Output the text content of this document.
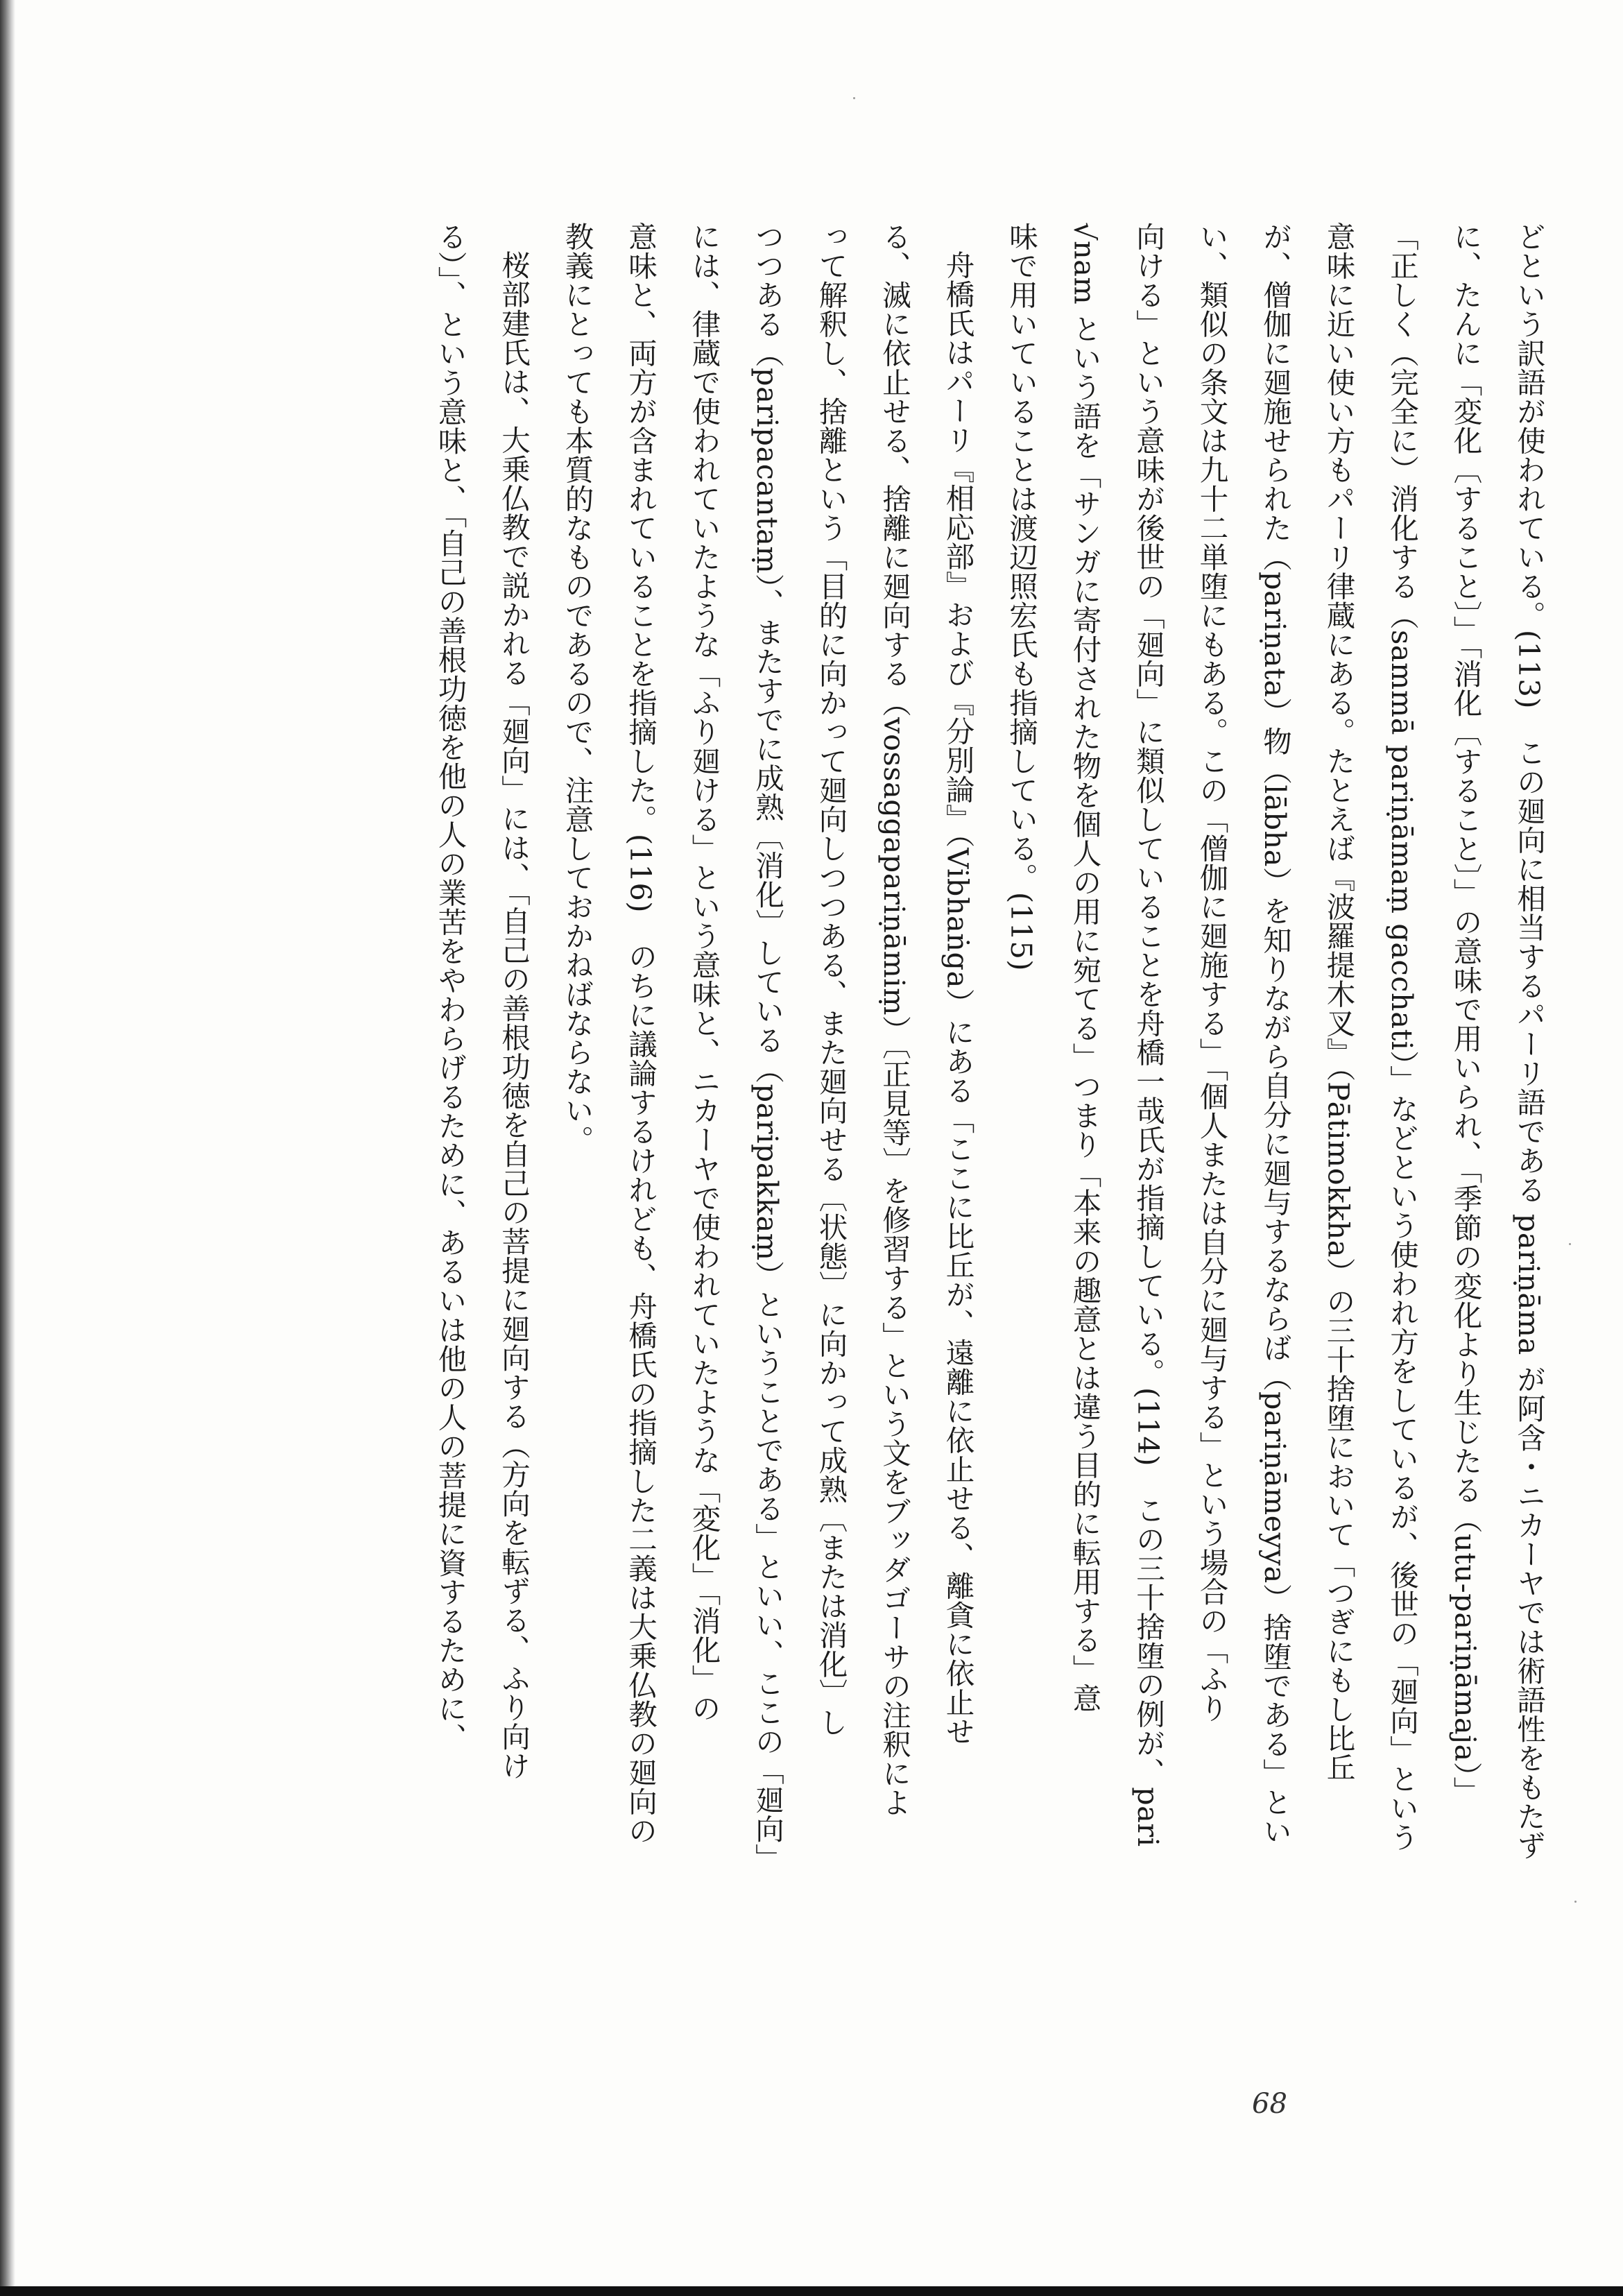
どという訳語が使われている。(113)　この廻向に相当するパーリ語である pariṇāma が阿含・ニカーヤでは術語性をもたず
に、たんに「変化〔すること〕」「消化〔すること〕」の意味で用いられ、「季節の変化より生じたる（utu-pariṇāmaja）」
「正しく（完全に）消化する（sammā pariṇāmaṃ gacchati）」などという使われ方をしているが、後世の「廻向」という
意味に近い使い方もパーリ律蔵にある。たとえば『波羅提木叉』（Pātimokkha）の三十捨堕において「つぎにもし比丘
が、僧伽に廻施せられた（pariṇata）物（lābha）を知りながら自分に廻与するならば（pariṇāmeyya）捨堕である」とい
い、類似の条文は九十二単堕にもある。この「僧伽に廻施する」「個人または自分に廻与する」という場合の「ふり
向ける」という意味が後世の「廻向」に類似していることを舟橋一哉氏が指摘している。(114)　この三十捨堕の例が、pari
√nam という語を「サンガに寄付された物を個人の用に宛てる」つまり「本来の趣意とは違う目的に転用する」意
味で用いていることは渡辺照宏氏も指摘している。(115)
舟橋氏はパーリ『相応部』および『分別論』（Vibhaṅga）にある「ここに比丘が、遠離に依止せる、離貪に依止せ
る、滅に依止せる、捨離に廻向する（vossaggapariṇāmiṃ）〔正見等〕を修習する」という文をブッダゴーサの注釈によ
って解釈し、捨離という「目的に向かって廻向しつつある、また廻向せる〔状態〕に向かって成熟〔または消化〕し
つつある（paripacantaṃ）、またすでに成熟〔消化〕している（paripakkaṃ）ということである」といい、ここの「廻向」
には、律蔵で使われていたような「ふり廻ける」という意味と、ニカーヤで使われていたような「変化」「消化」の
意味と、両方が含まれていることを指摘した。(116)　のちに議論するけれども、舟橋氏の指摘した二義は大乗仏教の廻向の
教義にとっても本質的なものであるので、注意しておかねばならない。
桜部建氏は、大乗仏教で説かれる「廻向」には、「自己の善根功徳を自己の菩提に廻向する（方向を転ずる、ふり向け
る）」、という意味と、「自己の善根功徳を他の人の業苦をやわらげるために、あるいは他の人の菩提に資するために、
68
